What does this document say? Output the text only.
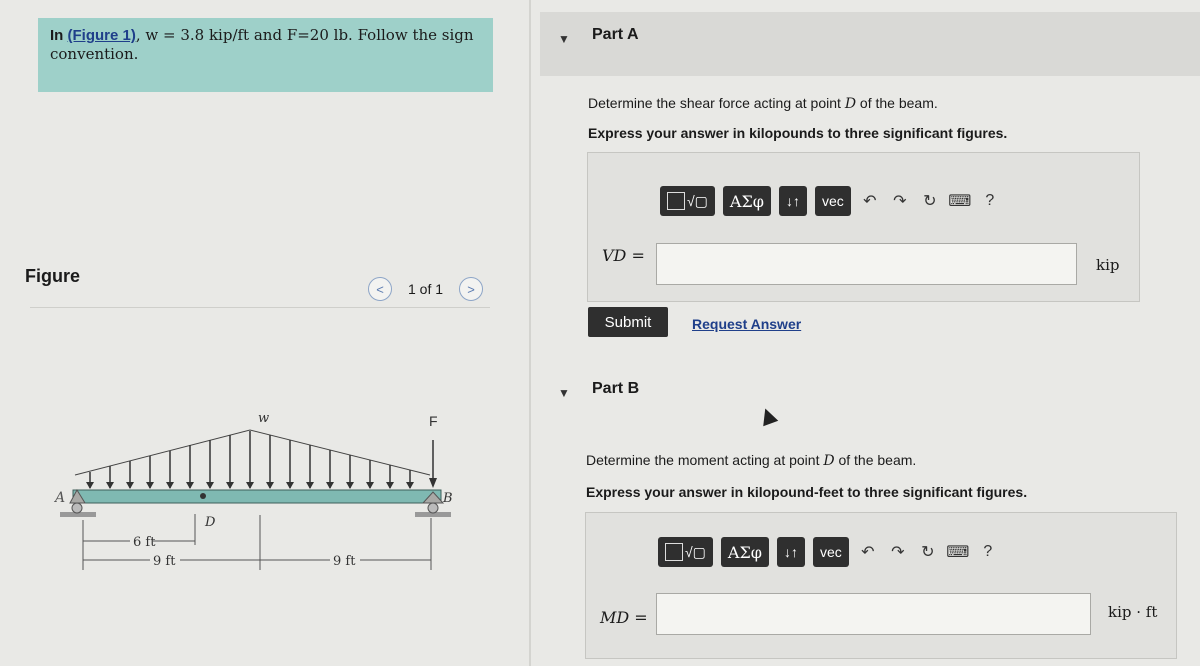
In (Figure 1), w = 3.8 kip/ft and F=20 lb. Follow the sign convention.
Figure
<	1 of 1	>
w	F
A	B
D
6 ft
9 ft	9 ft
▼ Part A
Determine the shear force acting at point D of the beam.
Express your answer in kilopounds to three significant figures.
√▢	ΑΣφ	↓↑	vec	↶ ↷ ↻ ⌨ ?
VD =	kip
Submit	Request Answer
▼ Part B
Determine the moment acting at point D of the beam.
Express your answer in kilopound-feet to three significant figures.
√▢	ΑΣφ	↓↑	vec	↶ ↷ ↻ ⌨ ?
MD =	kip · ft
